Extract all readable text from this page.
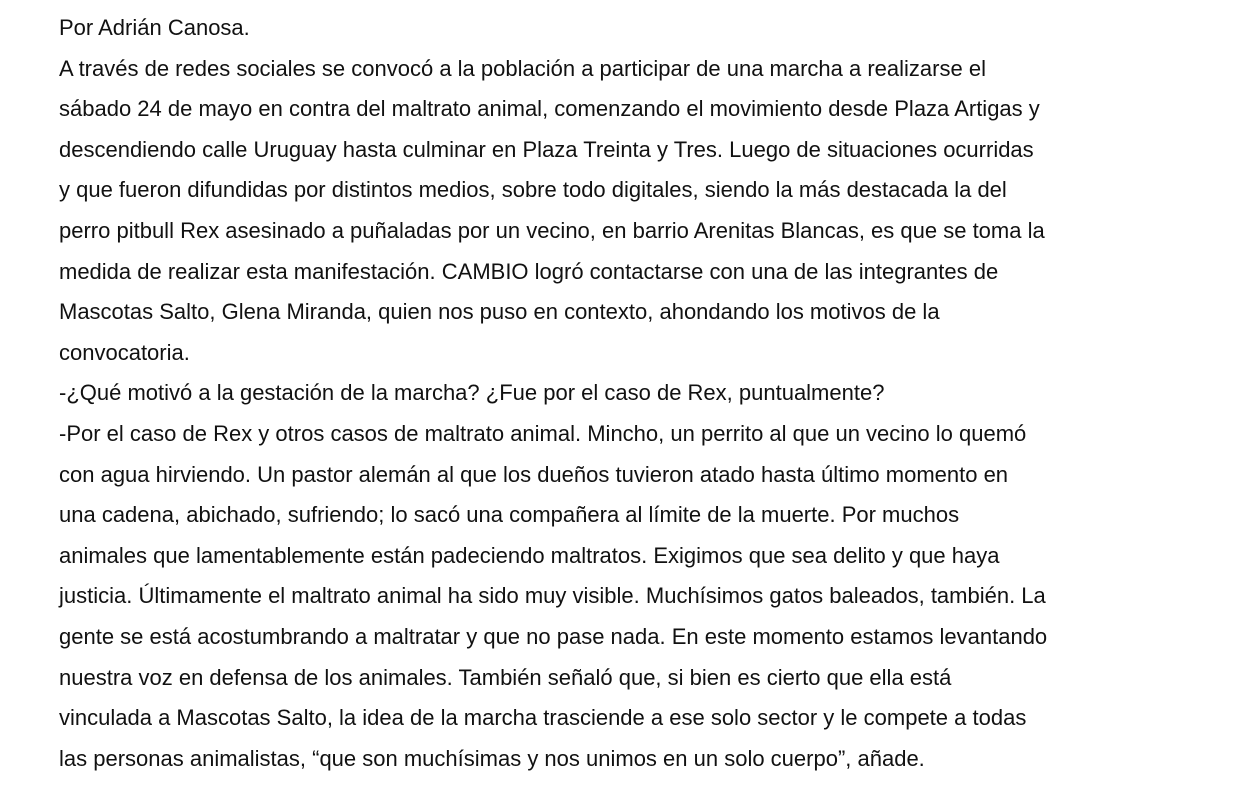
Por Adrián Canosa.

A través de redes sociales se convocó a la población a participar de una marcha a realizarse el
sábado 24 de mayo en contra del maltrato animal, comenzando el movimiento desde Plaza Artigas y
descendiendo calle Uruguay hasta culminar en Plaza Treinta y Tres. Luego de situaciones ocurridas
y que fueron difundidas por distintos medios, sobre todo digitales, siendo la más destacada la del
perro pitbull Rex asesinado a puñaladas por un vecino, en barrio Arenitas Blancas, es que se toma la
medida de realizar esta manifestación. CAMBIO logró contactarse con una de las integrantes de
Mascotas Salto, Glena Miranda, quien nos puso en contexto, ahondando los motivos de la
convocatoria.

-¿Qué motivó a la gestación de la marcha? ¿Fue por el caso de Rex, puntualmente?

-Por el caso de Rex y otros casos de maltrato animal. Mincho, un perrito al que un vecino lo quemó
con agua hirviendo. Un pastor alemán al que los dueños tuvieron atado hasta último momento en
una cadena, abichado, sufriendo; lo sacó una compañera al límite de la muerte. Por muchos
animales que lamentablemente están padeciendo maltratos. Exigimos que sea delito y que haya
justicia. Últimamente el maltrato animal ha sido muy visible. Muchísimos gatos baleados, también. La
gente se está acostumbrando a maltratar y que no pase nada. En este momento estamos levantando
nuestra voz en defensa de los animales. También señaló que, si bien es cierto que ella está
vinculada a Mascotas Salto, la idea de la marcha trasciende a ese solo sector y le compete a todas
las personas animalistas, “que son muchísimas y nos unimos en un solo cuerpo”, añade.
